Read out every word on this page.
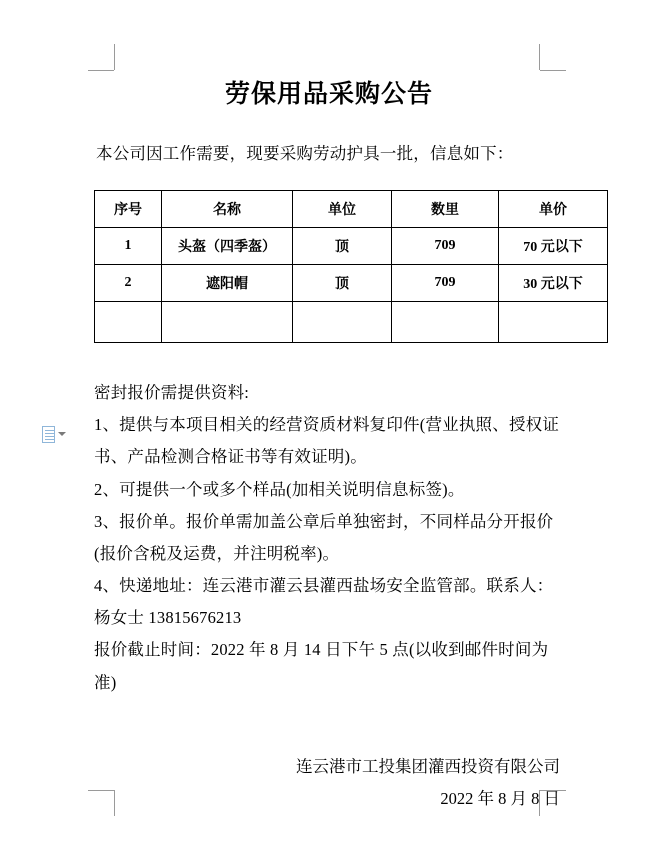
劳保用品采购公告

本公司因工作需要，现要采购劳动护具一批，信息如下：

序号	名称	单位	数里	单价
1	头盔（四季盔）	顶	709	70 元以下
2	遮阳帽	顶	709	30 元以下

密封报价需提供资料:

1、提供与本项目相关的经营资质材料复印件(营业执照、授权证书、产品检测合格证书等有效证明)。

2、可提供一个或多个样品(加相关说明信息标签)。

3、报价单。报价单需加盖公章后单独密封，不同样品分开报价(报价含税及运费，并注明税率)。

4、快递地址：连云港市灌云县灌西盐场安全监管部。联系人：杨女士 13815676213

报价截止时间：2022 年 8 月 14 日下午 5 点(以收到邮件时间为准)

连云港市工投集团灌西投资有限公司
2022 年 8 月 8 日
